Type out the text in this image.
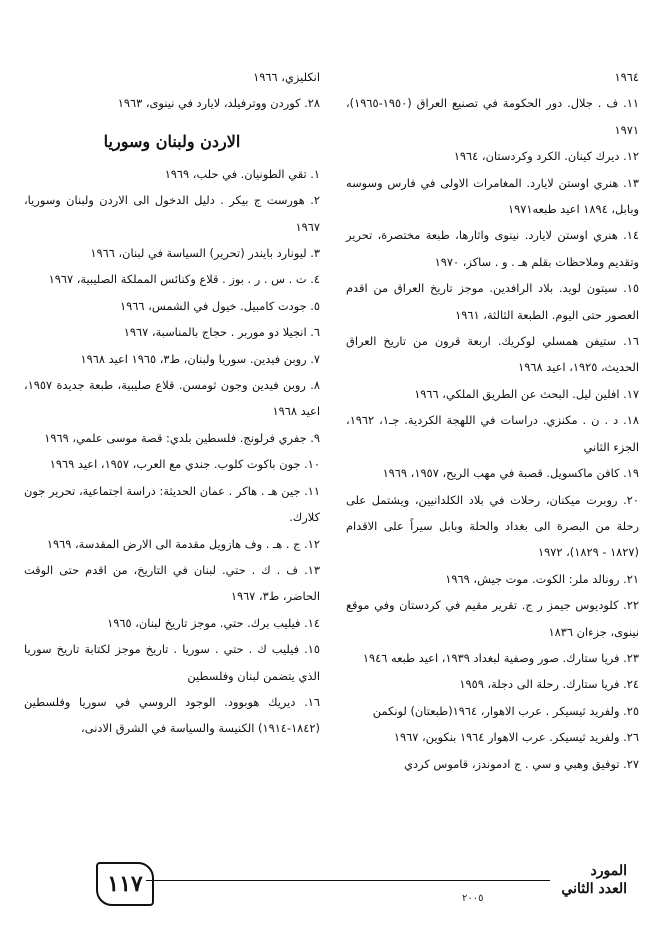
١٩٦٤

١١. ف . جلال. دور الحكومة في تصنيع العراق (١٩٥٠-١٩٦٥)، ١٩٧١

١٢. ديرك كينان. الكرد وكردستان، ١٩٦٤

١٣. هنري اوستن لايارد. المغامرات الاولى في فارس وسوسه وبابل، ١٨٩٤ اعيد طبعه١٩٧١

١٤. هنري اوستن لايارد. نينوى واثارها، طبعة مختصرة، تحرير وتقديم وملاحظات بقلم هـ . و . ساكز، ١٩٧٠

١٥. سيتون لويد. بلاد الرافدين. موجز تاريخ العراق من اقدم العصور حتى اليوم. الطبعة الثالثة، ١٩٦١

١٦. ستيفن همسلي لوكريك. اربعة قرون من تاريخ العراق الحديث، ١٩٢٥، اعيد ١٩٦٨

١٧. افلين ليل. البحث عن الطريق الملكي، ١٩٦٦

١٨. د . ن . مكنزي. دراسات في اللهجة الكردية. جـ١، ١٩٦٢، الجزء الثاني

١٩. كافن ماكسويل. قصبة في مهب الريح، ١٩٥٧، ١٩٦٩

٢٠. روبرت ميكنان، رحلات في بلاد الكلدانيين، ويشتمل على رحلة من البصرة الى بغداد والحلة وبابل سيراً على الاقدام (١٨٢٧ - ١٨٢٩)، ١٩٧٢

٢١. رونالد ملر: الكوت. موت جيش، ١٩٦٩

٢٢. كلوديوس جيمز ر ج. تقرير مقيم في كردستان وفي موقع نينوى، جزءان ١٨٣٦

٢٣. فريا ستارك. صور وصفية لبغداد ١٩٣٩، اعيد طبعه ١٩٤٦

٢٤. فريا ستارك. رحلة الى دجلة، ١٩٥٩

٢٥. ولفريد ثيسيكر . عرب الاهوار، ١٩٦٤(طبعتان) لونكمن

٢٦. ولفريد ثيسيكر. عرب الاهوار ١٩٦٤ بنكوين، ١٩٦٧

٢٧. توفيق وهبي و سي . ج ادموندز، قاموس كردي

انكليزي، ١٩٦٦

٢٨. كوردن ووترفيلد، لايارد في نينوى، ١٩٦٣

الاردن ولبنان وسوريا

١. تقي الطونيان. في حلب، ١٩٦٩

٢. هورست ج بيكر . دليل الدخول الى الاردن ولبنان وسوريا، ١٩٦٧

٣. ليونارد بايندر (تحرير) السياسة في لبنان، ١٩٦٦

٤. ت . س . ر . بوز . قلاع وكنائس المملكة الصليبية، ١٩٦٧

٥. جودت كامبيل. خيول في الشمس، ١٩٦٦

٦. انجيلا دو موربر . حجاج بالمناسبة، ١٩٦٧

٧. روبن فيدين. سوريا ولبنان، ط٣، ١٩٦٥ اعيد ١٩٦٨

٨. روبن فيدين وجون ثومسن. قلاع صليبية، طبعة جديدة ١٩٥٧، اعيد ١٩٦٨

٩. جفري فرلونج. فلسطين بلدي: قصة موسى علمي، ١٩٦٩

١٠. جون باكوت كلوب. جندي مع العرب، ١٩٥٧، اعيد ١٩٦٩

١١. جين هـ . هاكر . عمان الحديثة: دراسة اجتماعية، تحرير جون كلارك.

١٢. ج . هـ . وف هازويل مقدمة الى الارض المقدسة، ١٩٦٩

١٣. ف . ك . حتي. لبنان في التاريخ، من اقدم حتى الوقت الحاضر، ط٣، ١٩٦٧

١٤. فيليب برك. حتي. موجز تاريخ لبنان، ١٩٦٥

١٥. فيليب ك . حتي . سوريا . تاريخ موجز لكتابة تاريخ سوريا الذي يتضمن لبنان وفلسطين

١٦. ديريك هوبوود. الوجود الروسي في سوريا وفلسطين (١٨٤٢-١٩١٤) الكنيسة والسياسة في الشرق الادنى،

١١٧	المورد
العدد الثاني
٢٠٠٥
